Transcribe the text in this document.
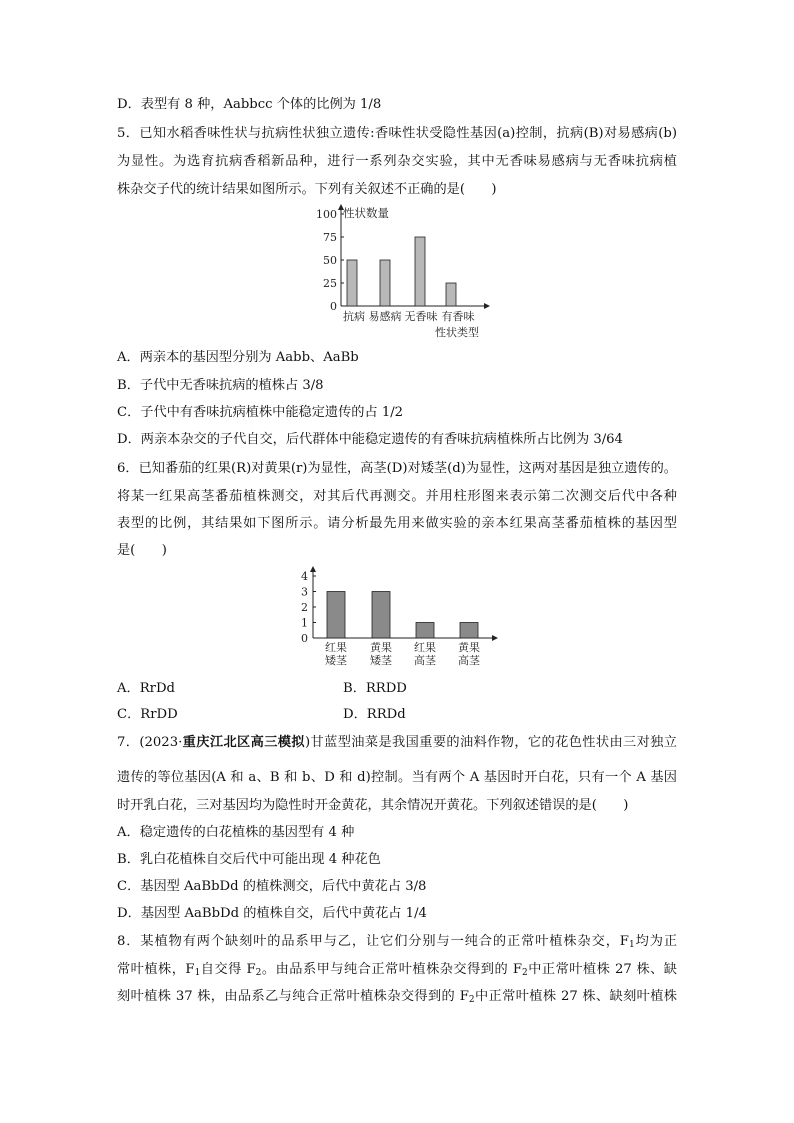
D．表型有 8 种，Aabbcc 个体的比例为 1/8
5．已知水稻香味性状与抗病性状独立遗传:香味性状受隐性基因(a)控制，抗病(B)对易感病(b)
为显性。为选育抗病香稻新品种，进行一系列杂交实验，其中无香味易感病与无香味抗病植
株杂交子代的统计结果如图所示。下列有关叙述不正确的是(　　)
0
25
50
75
100 性状数量
抗病 易感病 无香味 有香味
性状类型
A．两亲本的基因型分别为 Aabb、AaBb
B．子代中无香味抗病的植株占 3/8
C．子代中有香味抗病植株中能稳定遗传的占 1/2
D．两亲本杂交的子代自交，后代群体中能稳定遗传的有香味抗病植株所占比例为 3/64
6．已知番茄的红果(R)对黄果(r)为显性，高茎(D)对矮茎(d)为显性，这两对基因是独立遗传的。
将某一红果高茎番茄植株测交，对其后代再测交。并用柱形图来表示第二次测交后代中各种
表型的比例，其结果如下图所示。请分析最先用来做实验的亲本红果高茎番茄植株的基因型
是(　　)
0
1
2
3
4
红果
矮茎
黄果
矮茎
红果
高茎
黄果
高茎
A．RrDd	B．RRDD
C．RrDD	D．RRDd
7．(2023·重庆江北区高三模拟)甘蓝型油菜是我国重要的油料作物，它的花色性状由三对独立
遗传的等位基因(A 和 a、B 和 b、D 和 d)控制。当有两个 A 基因时开白花，只有一个 A 基因
时开乳白花，三对基因均为隐性时开金黄花，其余情况开黄花。下列叙述错误的是(　　)
A．稳定遗传的白花植株的基因型有 4 种
B．乳白花植株自交后代中可能出现 4 种花色
C．基因型 AaBbDd 的植株测交，后代中黄花占 3/8
D．基因型 AaBbDd 的植株自交，后代中黄花占 1/4
8．某植物有两个缺刻叶的品系甲与乙，让它们分别与一纯合的正常叶植株杂交，$F_1$均为正
常叶植株，$F_1$自交得 $F_2$。由品系甲与纯合正常叶植株杂交得到的 $F_2$中正常叶植株 27 株、缺
刻叶植株 37 株，由品系乙与纯合正常叶植株杂交得到的 $F_2$中正常叶植株 27 株、缺刻叶植株
